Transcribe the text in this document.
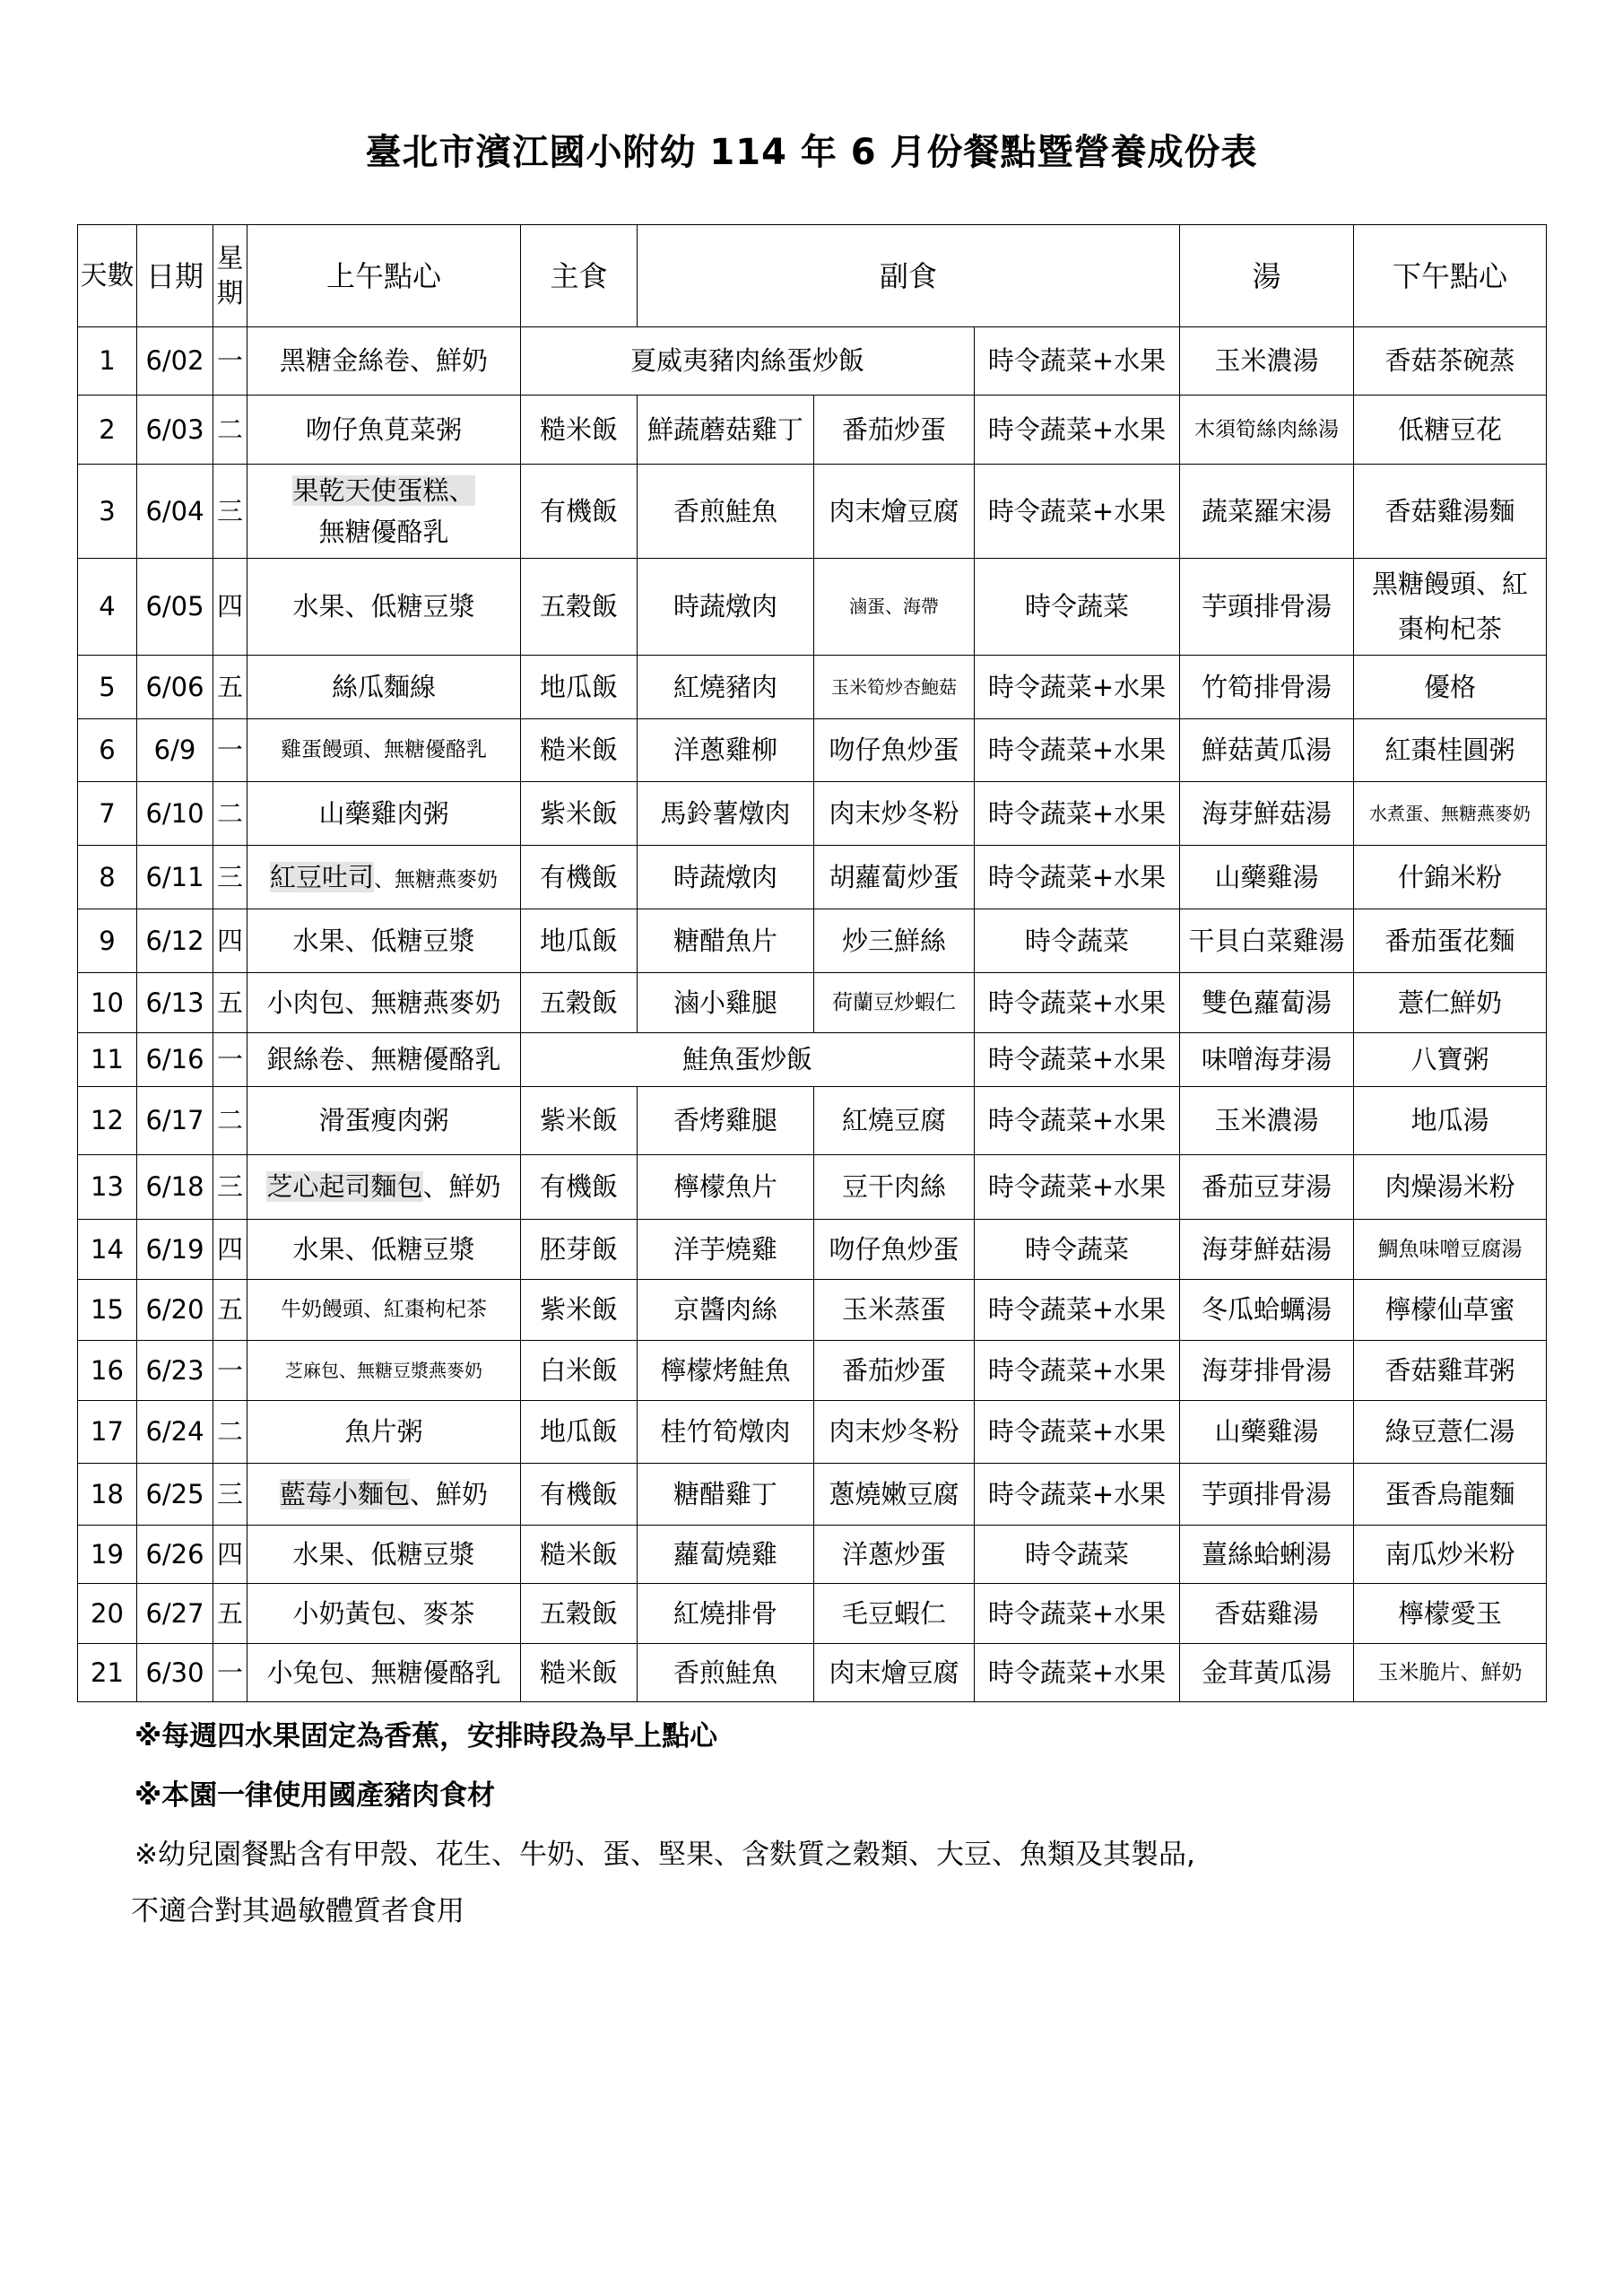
臺北市濱江國小附幼 114 年 6 月份餐點暨營養成份表
天數	日期	星期	上午點心	主食	副食			湯	下午點心
1	6/02	一	黑糖金絲卷、鮮奶	夏威夷豬肉絲蛋炒飯			時令蔬菜+水果	玉米濃湯	香菇茶碗蒸
2	6/03	二	吻仔魚莧菜粥	糙米飯	鮮蔬蘑菇雞丁	番茄炒蛋	時令蔬菜+水果	木須筍絲肉絲湯	低糖豆花
3	6/04	三	果乾天使蛋糕、
無糖優酪乳	有機飯	香煎鮭魚	肉末燴豆腐	時令蔬菜+水果	蔬菜羅宋湯	香菇雞湯麵
4	6/05	四	水果、低糖豆漿	五穀飯	時蔬燉肉	滷蛋、海帶	時令蔬菜	芋頭排骨湯	黑糖饅頭、紅
棗枸杞茶
5	6/06	五	絲瓜麵線	地瓜飯	紅燒豬肉	玉米筍炒杏鮑菇	時令蔬菜+水果	竹筍排骨湯	優格
6	6/9	一	雞蛋饅頭、無糖優酪乳	糙米飯	洋蔥雞柳	吻仔魚炒蛋	時令蔬菜+水果	鮮菇黃瓜湯	紅棗桂圓粥
7	6/10	二	山藥雞肉粥	紫米飯	馬鈴薯燉肉	肉末炒冬粉	時令蔬菜+水果	海芽鮮菇湯	水煮蛋、無糖燕麥奶
8	6/11	三	紅豆吐司、無糖燕麥奶	有機飯	時蔬燉肉	胡蘿蔔炒蛋	時令蔬菜+水果	山藥雞湯	什錦米粉
9	6/12	四	水果、低糖豆漿	地瓜飯	糖醋魚片	炒三鮮絲	時令蔬菜	干貝白菜雞湯	番茄蛋花麵
10	6/13	五	小肉包、無糖燕麥奶	五穀飯	滷小雞腿	荷蘭豆炒蝦仁	時令蔬菜+水果	雙色蘿蔔湯	薏仁鮮奶
11	6/16	一	銀絲卷、無糖優酪乳	鮭魚蛋炒飯			時令蔬菜+水果	味噌海芽湯	八寶粥
12	6/17	二	滑蛋瘦肉粥	紫米飯	香烤雞腿	紅燒豆腐	時令蔬菜+水果	玉米濃湯	地瓜湯
13	6/18	三	芝心起司麵包、鮮奶	有機飯	檸檬魚片	豆干肉絲	時令蔬菜+水果	番茄豆芽湯	肉燥湯米粉
14	6/19	四	水果、低糖豆漿	胚芽飯	洋芋燒雞	吻仔魚炒蛋	時令蔬菜	海芽鮮菇湯	鯛魚味噌豆腐湯
15	6/20	五	牛奶饅頭、紅棗枸杞茶	紫米飯	京醬肉絲	玉米蒸蛋	時令蔬菜+水果	冬瓜蛤蠣湯	檸檬仙草蜜
16	6/23	一	芝麻包、無糖豆漿燕麥奶	白米飯	檸檬烤鮭魚	番茄炒蛋	時令蔬菜+水果	海芽排骨湯	香菇雞茸粥
17	6/24	二	魚片粥	地瓜飯	桂竹筍燉肉	肉末炒冬粉	時令蔬菜+水果	山藥雞湯	綠豆薏仁湯
18	6/25	三	藍莓小麵包、鮮奶	有機飯	糖醋雞丁	蔥燒嫩豆腐	時令蔬菜+水果	芋頭排骨湯	蛋香烏龍麵
19	6/26	四	水果、低糖豆漿	糙米飯	蘿蔔燒雞	洋蔥炒蛋	時令蔬菜	薑絲蛤蜊湯	南瓜炒米粉
20	6/27	五	小奶黃包、麥茶	五穀飯	紅燒排骨	毛豆蝦仁	時令蔬菜+水果	香菇雞湯	檸檬愛玉
21	6/30	一	小兔包、無糖優酪乳	糙米飯	香煎鮭魚	肉末燴豆腐	時令蔬菜+水果	金茸黃瓜湯	玉米脆片、鮮奶
※每週四水果固定為香蕉，安排時段為早上點心
※本園一律使用國產豬肉食材
※幼兒園餐點含有甲殼、花生、牛奶、蛋、堅果、含麩質之穀類、大豆、魚類及其製品,
不適合對其過敏體質者食用
